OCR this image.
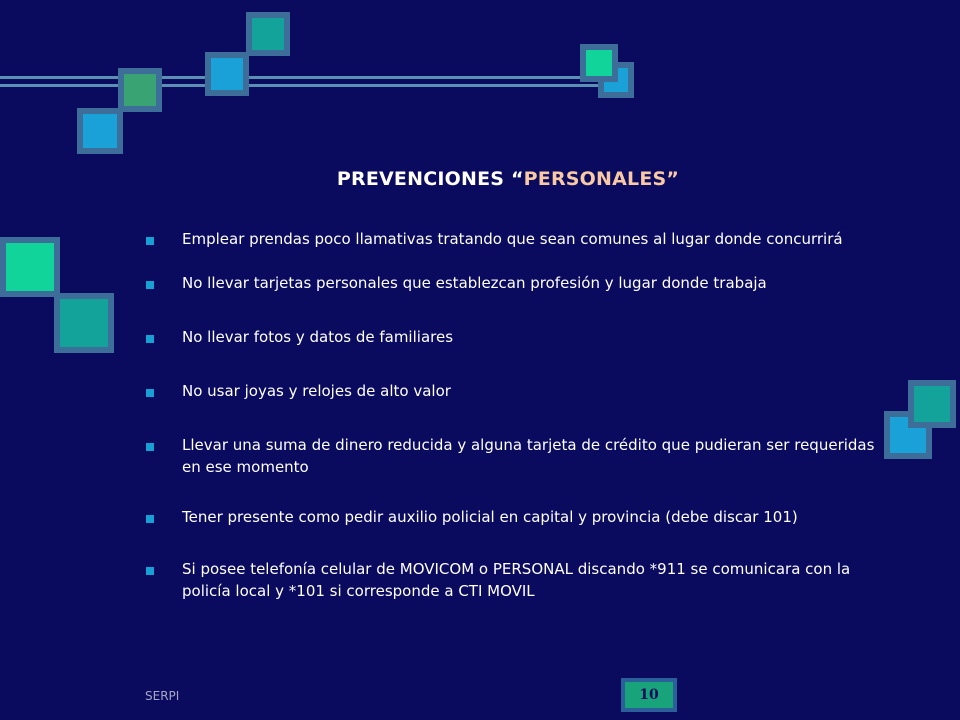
PREVENCIONES “PERSONALES”
Emplear prendas poco llamativas tratando que sean comunes al lugar donde concurrirá
No llevar tarjetas personales que establezcan profesión y lugar donde trabaja
No llevar fotos y datos de familiares
No usar joyas y relojes de alto valor
Llevar una suma de dinero reducida y alguna tarjeta de crédito que pudieran ser requeridas en ese momento
Tener presente como pedir auxilio policial en capital y provincia (debe discar 101)
Si posee telefonía celular de MOVICOM o PERSONAL discando *911 se comunicara con la policía local y *101 si corresponde a CTI MOVIL
SERPI	10
